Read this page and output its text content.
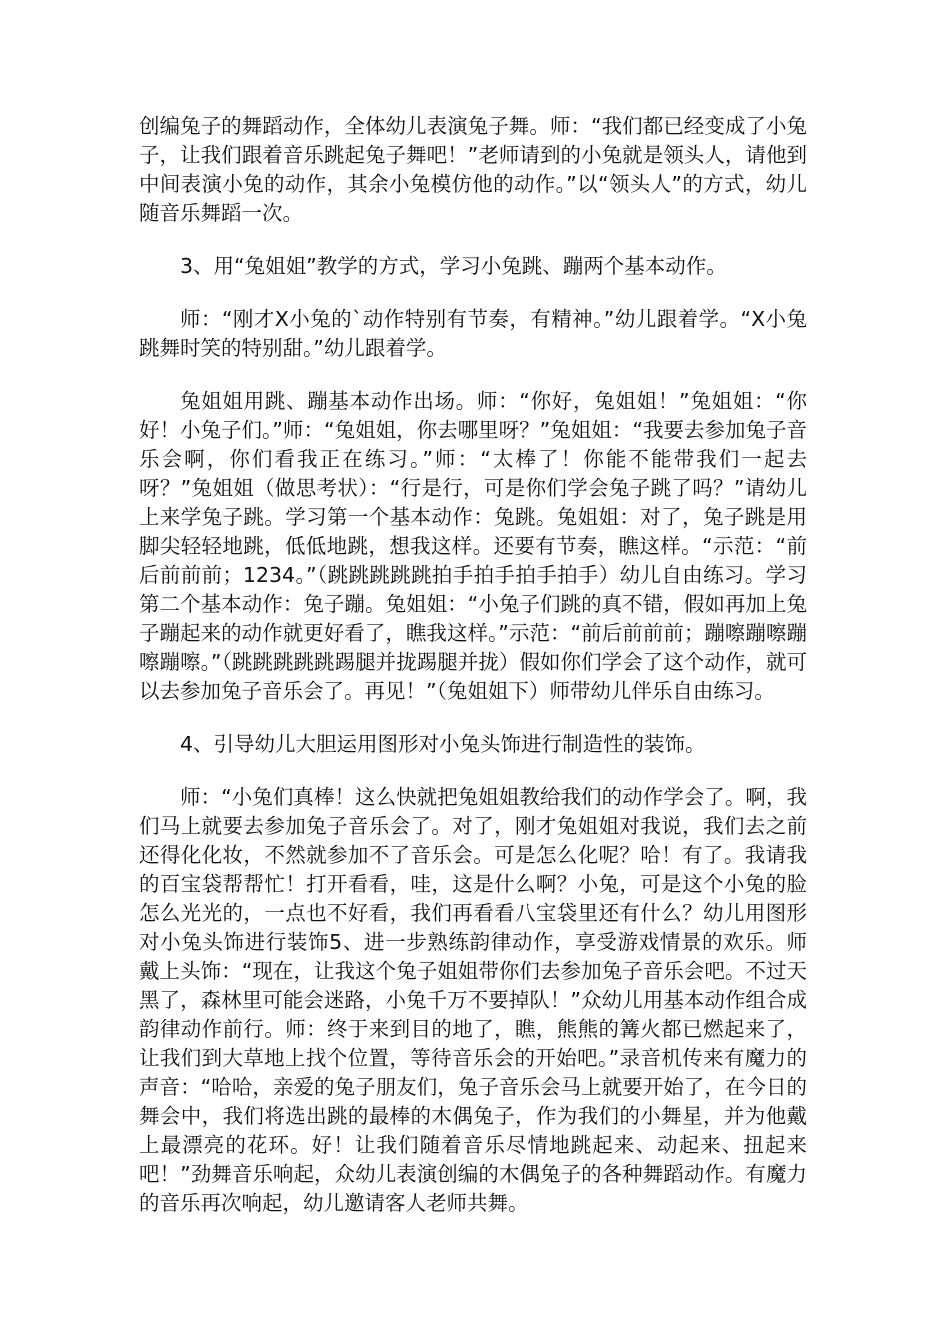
创编兔子的舞蹈动作，全体幼儿表演兔子舞。师：“我们都已经变成了小兔子，让我们跟着音乐跳起兔子舞吧！”老师请到的小兔就是领头人，请他到中间表演小兔的动作，其余小兔模仿他的动作。”以“领头人”的方式，幼儿随音乐舞蹈一次。

3、用“兔姐姐”教学的方式，学习小兔跳、蹦两个基本动作。

师：“刚才X小兔的`动作特别有节奏，有精神。”幼儿跟着学。“X小兔跳舞时笑的特别甜。”幼儿跟着学。

兔姐姐用跳、蹦基本动作出场。师：“你好，兔姐姐！”兔姐姐：“你好！小兔子们。”师：“兔姐姐，你去哪里呀？”兔姐姐：“我要去参加兔子音乐会啊，你们看我正在练习。”师：“太棒了！你能不能带我们一起去呀？”兔姐姐（做思考状）：“行是行，可是你们学会兔子跳了吗？”请幼儿上来学兔子跳。学习第一个基本动作：兔跳。兔姐姐：对了，兔子跳是用脚尖轻轻地跳，低低地跳，想我这样。还要有节奏，瞧这样。“示范：“前后前前前；1234。”（跳跳跳跳跳拍手拍手拍手拍手）幼儿自由练习。学习第二个基本动作：兔子蹦。兔姐姐：“小兔子们跳的真不错，假如再加上兔子蹦起来的动作就更好看了，瞧我这样。”示范：“前后前前前；蹦嚓蹦嚓蹦嚓蹦嚓。”（跳跳跳跳跳踢腿并拢踢腿并拢）假如你们学会了这个动作，就可以去参加兔子音乐会了。再见！”（兔姐姐下）师带幼儿伴乐自由练习。

4、引导幼儿大胆运用图形对小兔头饰进行制造性的装饰。

师：“小兔们真棒！这么快就把兔姐姐教给我们的动作学会了。啊，我们马上就要去参加兔子音乐会了。对了，刚才兔姐姐对我说，我们去之前还得化化妆，不然就参加不了音乐会。可是怎么化呢？哈！有了。我请我的百宝袋帮帮忙！打开看看，哇，这是什么啊？小兔，可是这个小兔的脸怎么光光的，一点也不好看，我们再看看八宝袋里还有什么？幼儿用图形对小兔头饰进行装饰5、进一步熟练韵律动作，享受游戏情景的欢乐。师戴上头饰：“现在，让我这个兔子姐姐带你们去参加兔子音乐会吧。不过天黑了，森林里可能会迷路，小兔千万不要掉队！”众幼儿用基本动作组合成韵律动作前行。师：终于来到目的地了，瞧，熊熊的篝火都已燃起来了，让我们到大草地上找个位置，等待音乐会的开始吧。”录音机传来有魔力的声音：“哈哈，亲爱的兔子朋友们，兔子音乐会马上就要开始了，在今日的舞会中，我们将选出跳的最棒的木偶兔子，作为我们的小舞星，并为他戴上最漂亮的花环。好！让我们随着音乐尽情地跳起来、动起来、扭起来吧！”劲舞音乐响起，众幼儿表演创编的木偶兔子的各种舞蹈动作。有魔力的音乐再次响起，幼儿邀请客人老师共舞。
